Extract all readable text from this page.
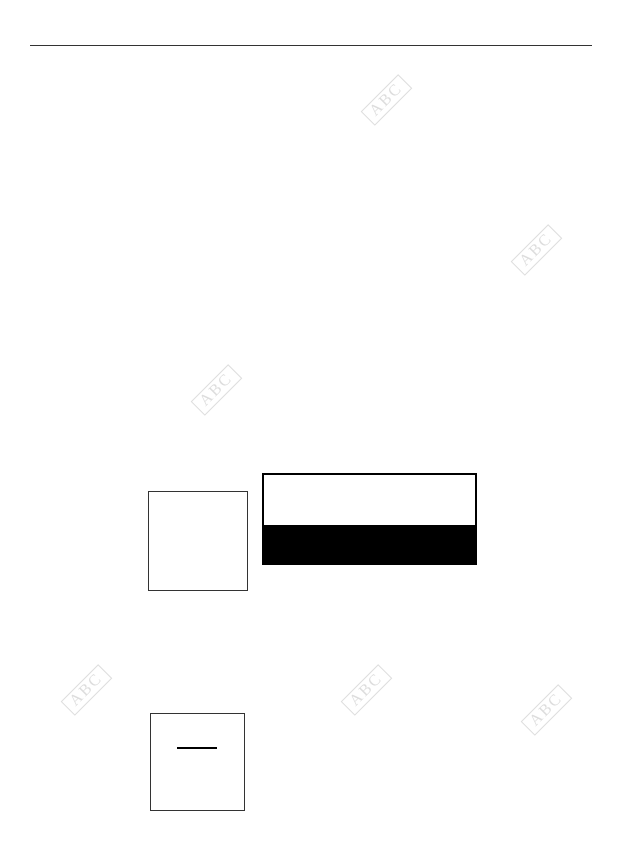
ABC
ABC
ABC
ABC	ABC
ABC
